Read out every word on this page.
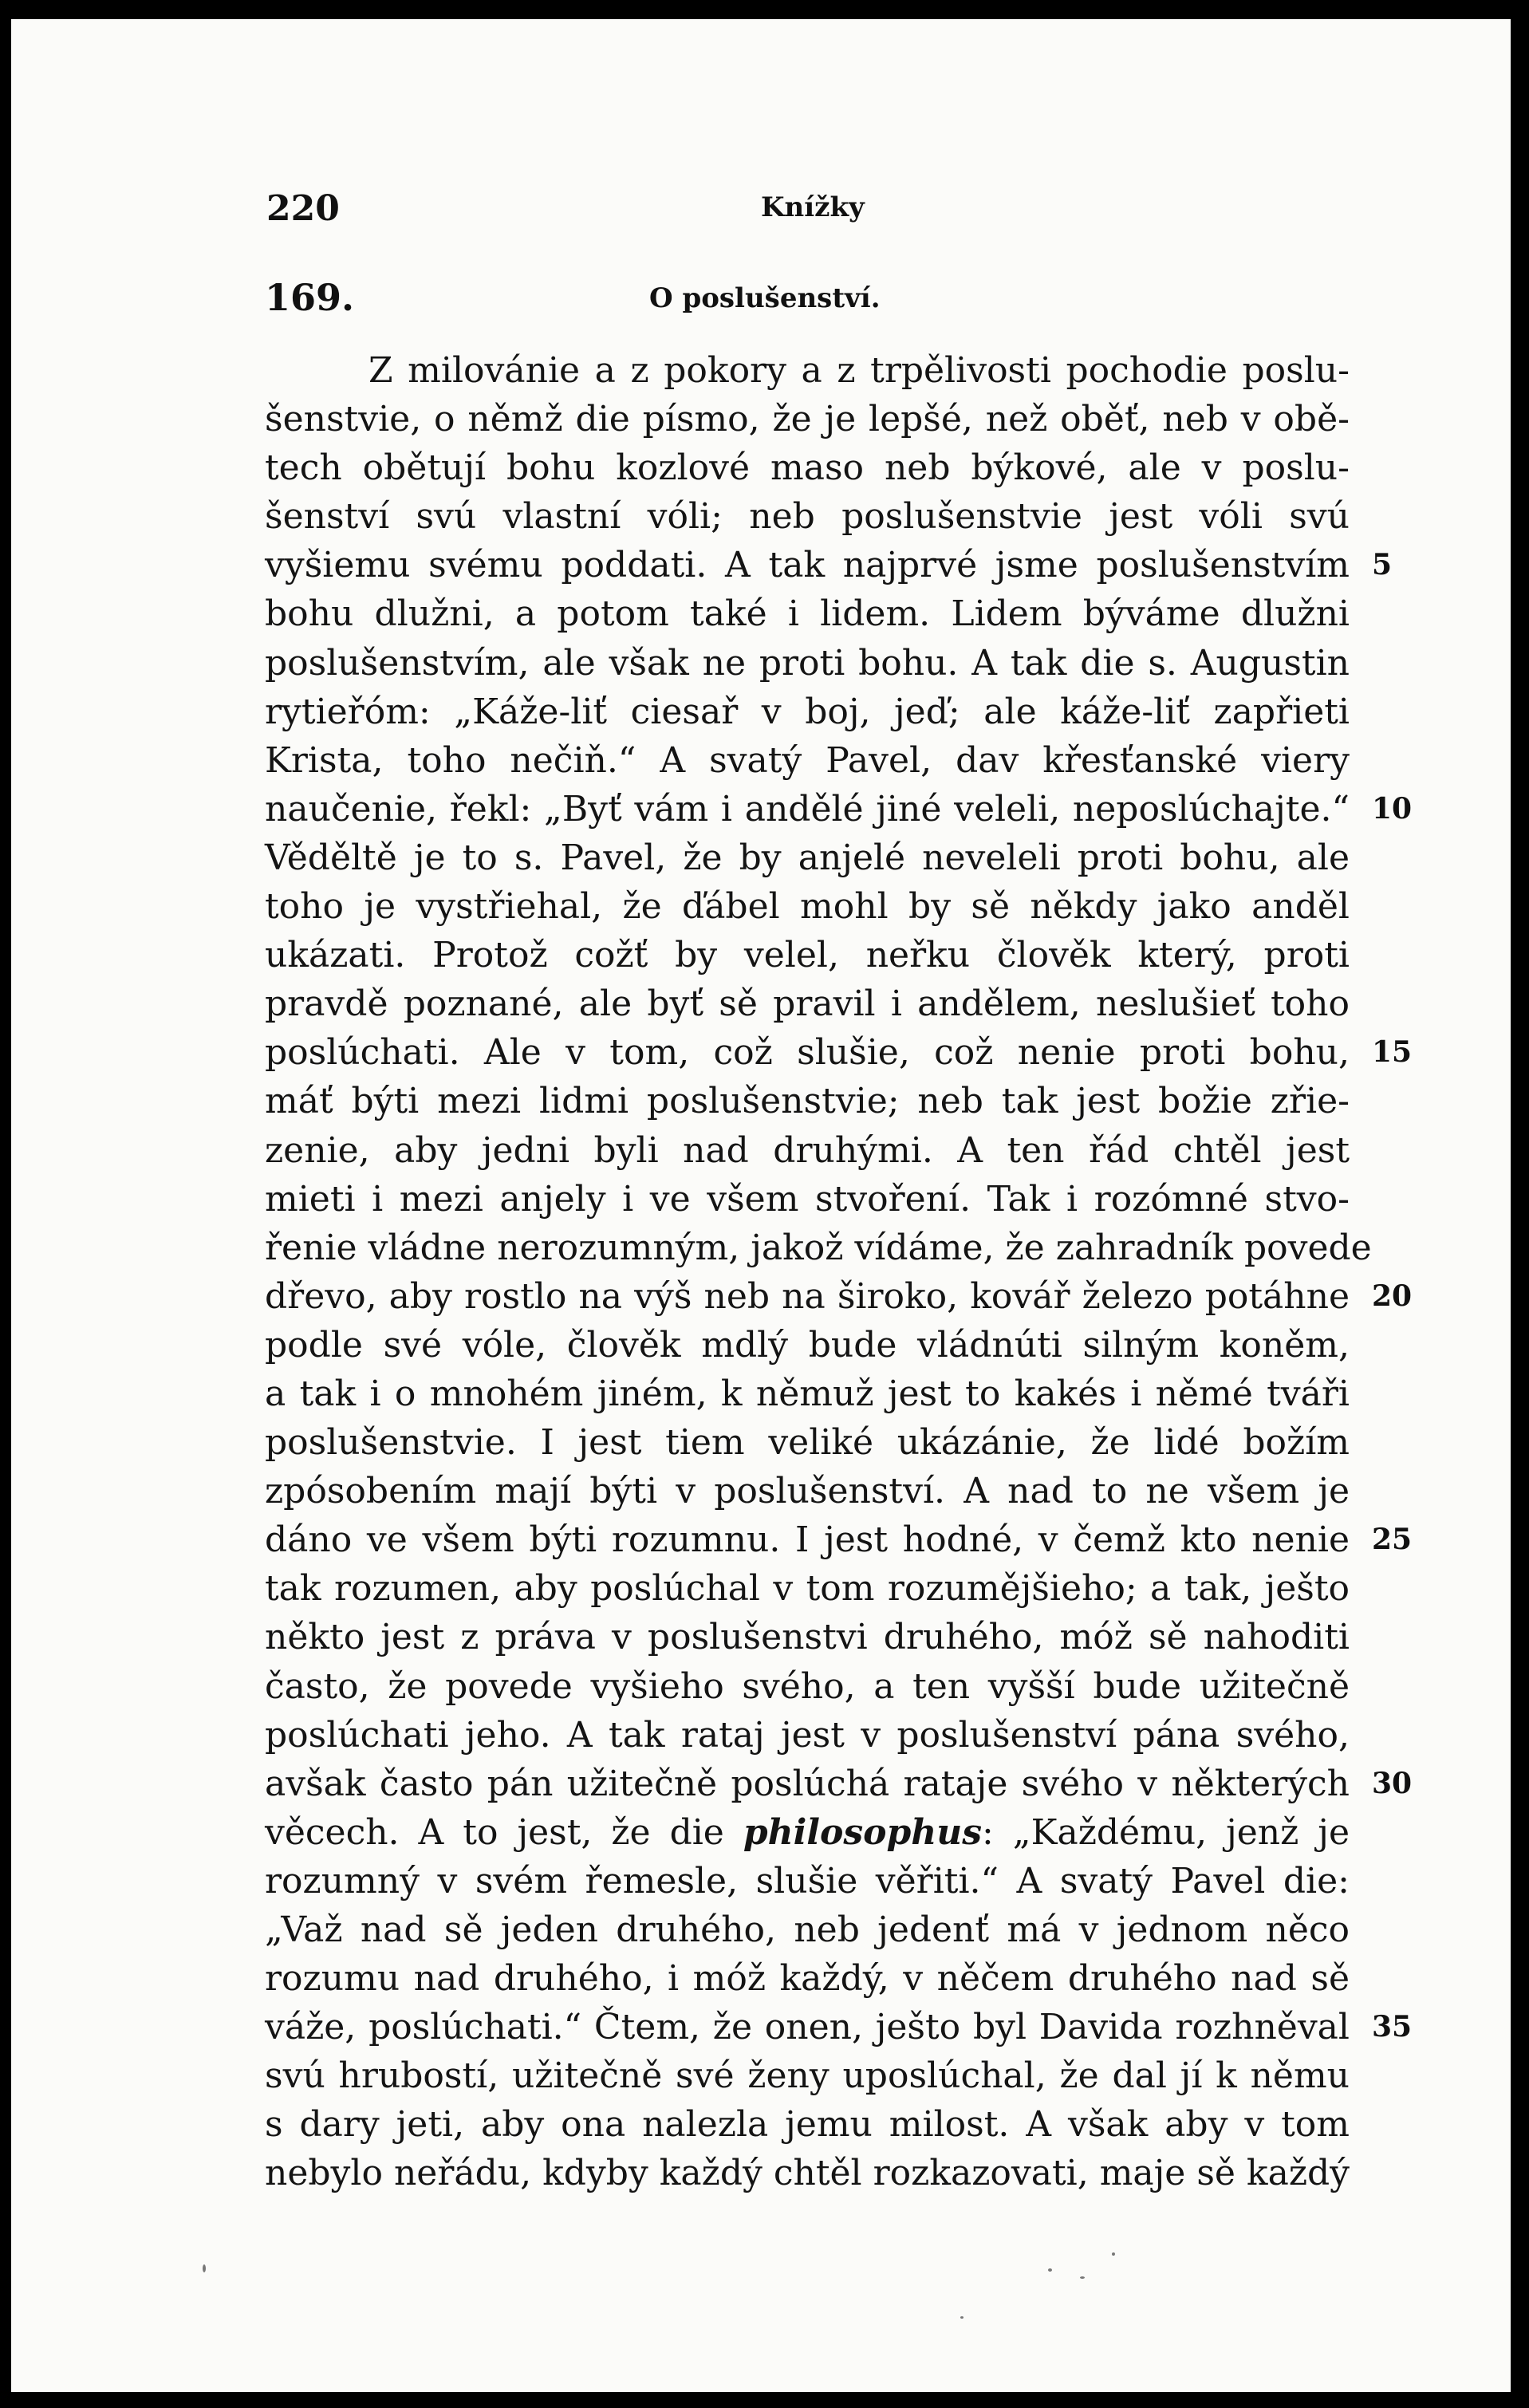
220	Knížky
169.	O poslušenství.
Z milovánie a z pokory a z trpělivosti pochodie poslu-
šenstvie, o němž die písmo, že je lepšé, než oběť, neb v obě-
tech obětují bohu kozlové maso neb býkové, ale v poslu-
šenství svú vlastní vóli; neb poslušenstvie jest vóli svú
vyšiemu svému poddati. A tak najprvé jsme poslušenstvím
bohu dlužni, a potom také i lidem. Lidem býváme dlužni
poslušenstvím, ale však ne proti bohu. A tak die s. Augustin
rytieřóm: „Káže-liť ciesař v boj, jeď; ale káže-liť zapřieti
Krista, toho nečiň.“ A svatý Pavel, dav křesťanské viery
naučenie, řekl: „Byť vám i andělé jiné veleli, neposlúchajte.“
Věděltě je to s. Pavel, že by anjelé neveleli proti bohu, ale
toho je vystřiehal, že ďábel mohl by sě někdy jako anděl
ukázati. Protož cožť by velel, neřku člověk který, proti
pravdě poznané, ale byť sě pravil i andělem, neslušieť toho
poslúchati. Ale v tom, což slušie, což nenie proti bohu,
máť býti mezi lidmi poslušenstvie; neb tak jest božie zřie-
zenie, aby jedni byli nad druhými. A ten řád chtěl jest
mieti i mezi anjely i ve všem stvoření. Tak i rozómné stvo-
řenie vládne nerozumným, jakož vídáme, že zahradník povede
dřevo, aby rostlo na výš neb na široko, kovář železo potáhne
podle své vóle, člověk mdlý bude vládnúti silným koněm,
a tak i o mnohém jiném, k němuž jest to kakés i němé tváři
poslušenstvie. I jest tiem veliké ukázánie, že lidé božím
zpósobením mají býti v poslušenství. A nad to ne všem je
dáno ve všem býti rozumnu. I jest hodné, v čemž kto nenie
tak rozumen, aby poslúchal v tom rozumějšieho; a tak, ješto
někto jest z práva v poslušenstvi druhého, móž sě nahoditi
často, že povede vyšieho svého, a ten vyšší bude užitečně
poslúchati jeho. A tak rataj jest v poslušenství pána svého,
avšak často pán užitečně poslúchá rataje svého v některých
věcech. A to jest, že die philosophus: „Každému, jenž je
rozumný v svém řemesle, slušie věřiti.“ A svatý Pavel die:
„Važ nad sě jeden druhého, neb jedenť má v jednom něco
rozumu nad druhého, i móž každý, v něčem druhého nad sě
váže, poslúchati.“ Čtem, že onen, ješto byl Davida rozhněval
svú hrubostí, užitečně své ženy uposlúchal, že dal jí k němu
s dary jeti, aby ona nalezla jemu milost. A však aby v tom
nebylo neřádu, kdyby každý chtěl rozkazovati, maje sě každý
5
10
15
20
25
30
35
